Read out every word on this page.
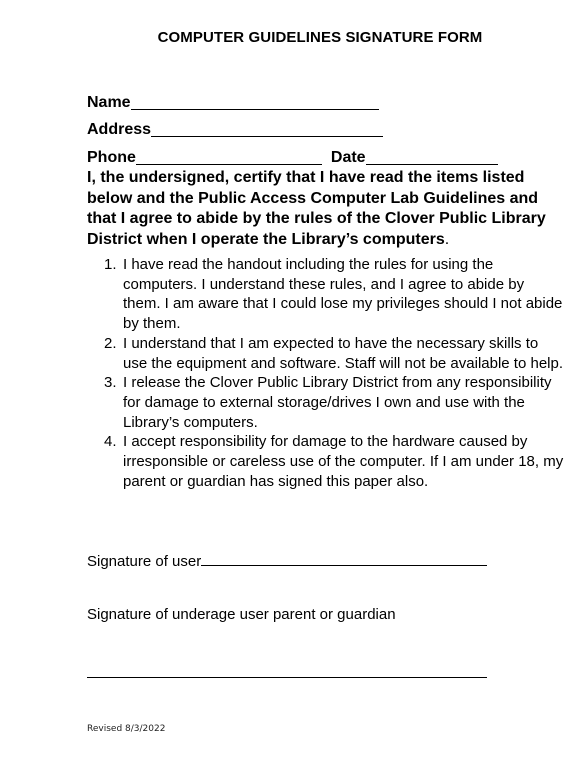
COMPUTER GUIDELINES SIGNATURE FORM
Name
Address
Phone	Date
I, the undersigned, certify that I have read the items listed below and the Public Access Computer Lab Guidelines and that I agree to abide by the rules of the Clover Public Library District when I operate the Library’s computers.
1. I have read the handout including the rules for using the computers. I understand these rules, and I agree to abide by them. I am aware that I could lose my privileges should I not abide by them.
2. I understand that I am expected to have the necessary skills to use the equipment and software. Staff will not be available to help.
3. I release the Clover Public Library District from any responsibility for damage to external storage/drives I own and use with the Library’s computers.
4. I accept responsibility for damage to the hardware caused by irresponsible or careless use of the computer. If I am under 18, my parent or guardian has signed this paper also.
Signature of user
Signature of underage user parent or guardian
Revised 8/3/2022
